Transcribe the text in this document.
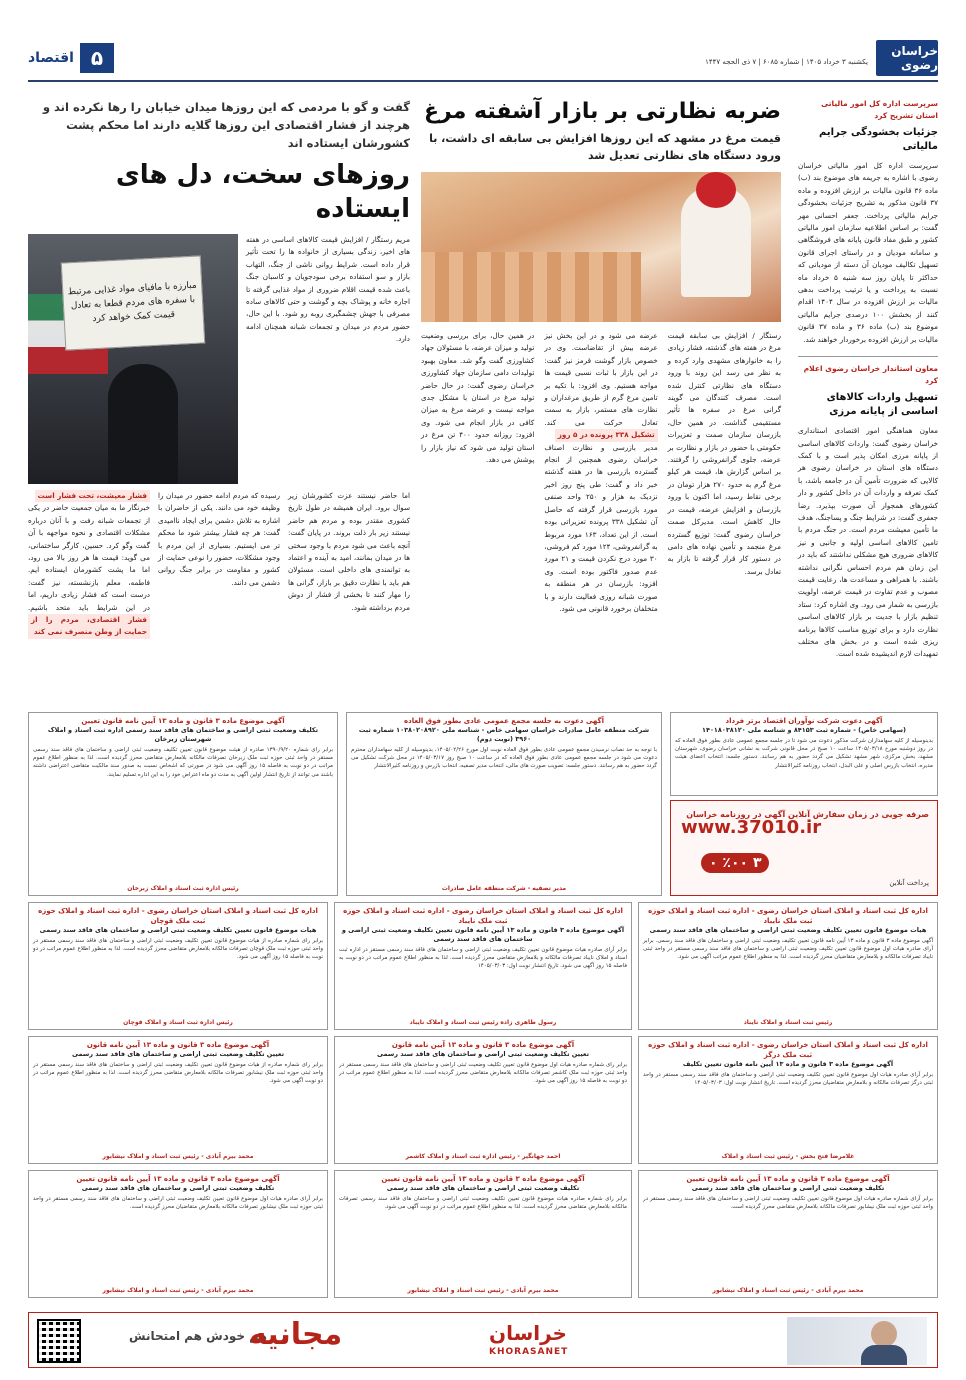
خراسان رضوی
یکشنبه ۳ خرداد ۱۴۰۵ | شماره ۶۰۸۵ | ۷ ذی الحجه ۱۴۴۷
۵
اقتصاد
سرپرست اداره کل امور مالیاتی استان تشریح کرد
جزئیات بخشودگی جرایم مالیاتی
سرپرست اداره کل امور مالیاتی خراسان رضوی با اشاره به جریمه های موضوع بند (ب) ماده ۳۶ قانون مالیات بر ارزش افزوده و ماده ۳۷ قانون مذکور به تشریح جزئیات بخشودگی جرایم مالیاتی پرداخت. جعفر احسانی مهر گفت: بر اساس اطلاعیه سازمان امور مالیاتی کشور و طبق مفاد قانون پایانه های فروشگاهی و سامانه مودیان و در راستای اجرای قانون تسهیل تکالیف مودیان آن دسته از مودیانی که حداکثر تا پایان روز سه شنبه ۵ خرداد ماه نسبت به پرداخت و یا ترتیب پرداخت بدهی مالیات بر ارزش افزوده در سال ۱۴۰۴ اقدام کنند از بخشش ۱۰۰ درصدی جرایم مالیاتی موضوع بند (ب) ماده ۳۶ و ماده ۳۷ قانون مالیات بر ارزش افزوده برخوردار خواهند شد.
معاون استاندار خراسان رضوی اعلام کرد
تسهیل واردات کالاهای اساسی از پایانه مرزی
معاون هماهنگی امور اقتصادی استانداری خراسان رضوی گفت: واردات کالاهای اساسی از پایانه مرزی امکان پذیر است و با کمک دستگاه های استان در خراسان رضوی هر کالایی که ضرورت تأمین آن در جامعه باشد، با کمک تعرفه و واردات آن در داخل کشور و دار کشورهای همجوار آن صورت بپذیرد. رضا جعفری گفت: در شرایط جنگ و پساجنگ، هدف ما تأمین معیشت مردم است. در جنگ مردم با تامین کالاهای اساسی اولیه و جانبی و نیز کالاهای ضروری هیچ مشکلی نداشتند که باید در این زمان هم مردم احساس نگرانی نداشته باشند. با همراهی و مساعدت ها، رعایت قیمت مصوب و عدم تفاوت در قیمت عرضه، اولویت بازرسی به شمار می رود. وی اشاره کرد: ستاد تنظیم بازار با جدیت بر بازار کالاهای اساسی نظارت دارد و برای توزیع مناسب کالاها برنامه ریزی شده است و در بخش های مختلف تمهیدات لازم اندیشیده شده است.
ضربه نظارتی بر بازار آشفته مرغ
قیمت مرغ در مشهد که این روزها افزایش بی سابقه ای داشت، با ورود دستگاه های نظارتی تعدیل شد
رستگار / افزایش بی سابقه قیمت مرغ در هفته های گذشته، فشار زیادی را به خانوارهای مشهدی وارد کرده و به نظر می رسد این روند با ورود دستگاه های نظارتی کنترل شده است. مصرف کنندگان می گویند گرانی مرغ در سفره ها تأثیر مستقیمی گذاشت. در همین حال، بازرسان سازمان صمت و تعزیرات حکومتی با حضور در بازار و نظارت بر عرضه، جلوی گرانفروشی را گرفتند. بر اساس گزارش ها، قیمت هر کیلو مرغ گرم به حدود ۲۷۰ هزار تومان در برخی نقاط رسید، اما اکنون با ورود بازرسان و افزایش عرضه، قیمت در حال کاهش است. مدیرکل صمت خراسان رضوی گفت: توزیع گسترده مرغ منجمد و تأمین نهاده های دامی در دستور کار قرار گرفته تا بازار به تعادل برسد.
عرضه می شود و در این بخش نیز عرضه بیش از تقاضاست. وی در خصوص بازار گوشت قرمز نیز گفت: در این بازار با ثبات نسبی قیمت ها مواجه هستیم. وی افزود: با تکیه بر تامین مرغ گرم از طریق مرغداران و نظارت های مستمر، بازار به سمت تعادل حرکت می کند. تشکیل ۳۳۸ پرونده در ۵ روز مدیر بازرسی و نظارت اصناف خراسان رضوی همچنین از انجام گسترده بازرسی ها در هفته گذشته خبر داد و گفت: طی پنج روز اخیر نزدیک به هزار و ۲۵۰ واحد صنفی مورد بازرسی قرار گرفته که حاصل آن تشکیل ۳۳۸ پرونده تعزیراتی بوده است. از این تعداد، ۱۶۳ مورد مربوط به گرانفروشی، ۱۲۴ مورد کم فروشی، ۳۰ مورد درج نکردن قیمت و ۲۱ مورد عدم صدور فاکتور بوده است. وی افزود: بازرسان در هر منطقه به صورت شبانه روزی فعالیت دارند و با متخلفان برخورد قانونی می شود.
در همین حال، برای بررسی وضعیت تولید و میزان عرضه، با مسئولان جهاد کشاورزی گفت وگو شد. معاون بهبود تولیدات دامی سازمان جهاد کشاورزی خراسان رضوی گفت: در حال حاضر تولید مرغ در استان با مشکل جدی مواجه نیست و عرضه مرغ به میزان کافی در بازار انجام می شود. وی افزود: روزانه حدود ۴۰۰ تن مرغ در استان تولید می شود که نیاز بازار را پوشش می دهد.
گفت و گو با مردمی که این روزها میدان خیابان را رها نکرده اند و هرچند از فشار اقتصادی این روزها گلایه دارند اما محکم پشت کشورشان ایستاده اند
روزهای سخت، دل های ایستاده
مریم رستگار / افزایش قیمت کالاهای اساسی در هفته های اخیر، زندگی بسیاری از خانواده ها را تحت تأثیر قرار داده است. شرایط روانی ناشی از جنگ، التهاب بازار و سو استفاده برخی سودجویان و کاسبان جنگ باعث شده قیمت اقلام ضروری از مواد غذایی گرفته تا اجاره خانه و پوشاک بچه و گوشت و حتی کالاهای ساده مصرفی با جهش چشمگیری روبه رو شود. با این حال، حضور مردم در میدان و تجمعات شبانه همچنان ادامه دارد.
مبارزه با مافیای مواد غذایی مرتبط با سفره های مردم قطعا به تعادل قیمت کمک خواهد کرد
اما حاضر نیستند عزت کشورشان زیر سوال برود. ایران همیشه در طول تاریخ کشوری مقتدر بوده و مردم هم حاضر نیستند زیر بار ذلت بروند. در پایان گفت: آنچه باعث می شود مردم با وجود سختی ها در میدان بمانند، امید به آینده و اعتماد به توانمندی های داخلی است. مسئولان هم باید با نظارت دقیق بر بازار، گرانی ها را مهار کنند تا بخشی از فشار از دوش مردم برداشته شود.
رسیده که مردم ادامه حضور در میدان را وظیفه خود می دانند. یکی از حاضران با اشاره به تلاش دشمن برای ایجاد ناامیدی گفت: هر چه فشار بیشتر شود ما محکم تر می ایستیم. بسیاری از این مردم با وجود مشکلات، حضور را نوعی حمایت از کشور و مقاومت در برابر جنگ روانی دشمن می دانند.
فشار معیشت، تحت فشار است خبرنگار ما به میان جمعیت حاضر در یکی از تجمعات شبانه رفت و با آنان درباره مشکلات اقتصادی و نحوه مواجهه با آن گفت وگو کرد. حسین، کارگر ساختمانی، می گوید: قیمت ها هر روز بالا می رود، اما ما پشت کشورمان ایستاده ایم. فاطمه، معلم بازنشسته، نیز گفت: درست است که فشار زیادی داریم، اما در این شرایط باید متحد باشیم. فشار اقتصادی، مردم را از حمایت از وطن منصرف نمی کند
آگهی دعوت شرکت نوآوران اقتصاد برتر فرداد
(سهامی خاص) - شماره ثبت ۸۴۱۵۳ و شناسه ملی ۱۴۰۱۸۰۳۸۱۲۰
بدینوسیله از کلیه سهامداران شرکت مذکور دعوت می شود تا در جلسه مجمع عمومی عادی بطور فوق العاده که در روز دوشنبه مورخ ۱۴۰۵/۰۳/۱۸ ساعت ۱۰ صبح در محل قانونی شرکت به نشانی خراسان رضوی، شهرستان مشهد، بخش مرکزی، شهر مشهد تشکیل می گردد حضور به هم رسانند. دستور جلسه: انتخاب اعضای هیئت مدیره، انتخاب بازرس اصلی و علی البدل، انتخاب روزنامه کثیرالانتشار
صرفه جویی در زمان سفارش آنلاین آگهی در روزنامه خراسان
www.37010.ir
۳ ٪۰۰ ۰
پرداخت آنلاین
آگهی دعوت به جلسه مجمع عمومی عادی بطور فوق العاده
شرکت منطقه عامل صادرات خراسان سهامی خاص - شناسه ملی ۱۰۳۸۰۲۰۸۹۲۰ شماره ثبت ۳۹۶۰ (نوبت دوم)
با توجه به حد نصاب نرسیدن مجمع عمومی عادی بطور فوق العاده نوبت اول مورخ ۱۴۰۵/۰۲/۲۶، بدینوسیله از کلیه سهامداران محترم دعوت می شود در جلسه مجمع عمومی عادی بطور فوق العاده که در ساعت ۱۰ صبح روز ۱۴۰۵/۰۳/۱۷ در محل شرکت تشکیل می گردد حضور به هم رسانند. دستور جلسه: تصویب صورت های مالی، انتخاب مدیر تصفیه، انتخاب بازرس و روزنامه کثیرالانتشار
مدیر تصفیه - شرکت منطقه عامل صادرات
آگهی موضوع ماده ۳ قانون و ماده ۱۳ آیین نامه قانون تعیین
تکلیف وضعیت ثبتی اراضی و ساختمان های فاقد سند رسمی اداره ثبت اسناد و املاک شهرستان زبرخان
برابر رای شماره ۱۳۹۰/۹/۲۰ صادره از هیئت موضوع قانون تعیین تکلیف وضعیت ثبتی اراضی و ساختمان های فاقد سند رسمی مستقر در واحد ثبتی حوزه ثبت ملک زبرخان تصرفات مالکانه بلامعارض متقاضی محرز گردیده است. لذا به منظور اطلاع عموم مراتب در دو نوبت به فاصله ۱۵ روز آگهی می شود در صورتی که اشخاص نسبت به صدور سند مالکیت متقاضی اعتراضی داشته باشند می توانند از تاریخ انتشار اولین آگهی به مدت دو ماه اعتراض خود را به این اداره تسلیم نمایند.
رئیس اداره ثبت اسناد و املاک زبرخان
اداره کل ثبت اسناد و املاک استان خراسان رضوی - اداره ثبت اسناد و املاک حوزه ثبت ملک نایباد
هیات موضوع قانون تعیین تکلیف وضعیت ثبتی اراضی و ساختمان های فاقد سند رسمی
آگهی موضوع ماده ۳ قانون و ماده ۱۳ آیین نامه قانون تعیین تکلیف وضعیت ثبتی اراضی و ساختمان های فاقد سند رسمی. برابر آرای صادره هیات اول موضوع قانون تعیین تکلیف وضعیت ثبتی اراضی و ساختمان های فاقد سند رسمی مستقر در واحد ثبتی نایباد تصرفات مالکانه و بلامعارض متقاضیان محرز گردیده است. لذا به منظور اطلاع عموم مراتب آگهی می شود.
رئیس ثبت اسناد و املاک نایباد
اداره کل ثبت اسناد و املاک استان خراسان رضوی - اداره ثبت اسناد و املاک حوزه ثبت ملک نایباد
آگهی موضوع ماده ۳ قانون و ماده ۱۳ آیین نامه قانون تعیین تکلیف وضعیت ثبتی اراضی و ساختمان های فاقد سند رسمی
برابر آرای صادره هیات موضوع قانون تعیین تکلیف وضعیت ثبتی اراضی و ساختمان های فاقد سند رسمی مستقر در اداره ثبت اسناد و املاک نایباد تصرفات مالکانه و بلامعارض متقاضی محرز گردیده است. لذا به منظور اطلاع عموم مراتب در دو نوبت به فاصله ۱۵ روز آگهی می شود. تاریخ انتشار نوبت اول: ۱۴۰۵/۰۳/۰۳
رسول طاهری زاده رئیس ثبت اسناد و املاک نایباد
اداره کل ثبت اسناد و املاک استان خراسان رضوی - اداره ثبت اسناد و املاک حوزه ثبت ملک قوچان
هیات موضوع قانون تعیین تکلیف وضعیت ثبتی اراضی و ساختمان های فاقد سند رسمی
برابر رای شماره صادره از هیات موضوع قانون تعیین تکلیف وضعیت ثبتی اراضی و ساختمان های فاقد سند رسمی مستقر در واحد ثبتی حوزه ثبت ملک قوچان تصرفات مالکانه بلامعارض متقاضی محرز گردیده است. لذا به منظور اطلاع عموم مراتب در دو نوبت به فاصله ۱۵ روز آگهی می شود.
رئیس اداره ثبت اسناد و املاک قوچان
اداره کل ثبت اسناد و املاک استان خراسان رضوی - اداره ثبت اسناد و املاک حوزه ثبت ملک درگز
آگهی موضوع ماده ۳ قانون و ماده ۱۳ آیین نامه قانون تعیین تکلیف
برابر آرای صادره هیات اول موضوع قانون تعیین تکلیف وضعیت ثبتی اراضی و ساختمان های فاقد سند رسمی مستقر در واحد ثبتی درگز تصرفات مالکانه و بلامعارض متقاضیان محرز گردیده است. تاریخ انتشار نوبت اول: ۱۴۰۵/۰۳/۰۳
غلامرضا فتح بخش - رئیس ثبت اسناد و املاک
آگهی موضوع ماده ۳ قانون و ماده ۱۳ آیین نامه قانون
تعیین تکلیف وضعیت ثبتی اراضی و ساختمان های فاقد سند رسمی
برابر رای شماره صادره هیات اول موضوع قانون تعیین تکلیف وضعیت ثبتی اراضی و ساختمان های فاقد سند رسمی مستقر در واحد ثبتی حوزه ثبت ملک کاشمر تصرفات مالکانه بلامعارض متقاضی محرز گردیده است. لذا به منظور اطلاع عموم مراتب در دو نوبت به فاصله ۱۵ روز آگهی می شود.
احمد جهانگیر - رئیس اداره ثبت اسناد و املاک کاشمر
آگهی موضوع ماده ۳ قانون و ماده ۱۳ آیین نامه قانون
تعیین تکلیف وضعیت ثبتی اراضی و ساختمان های فاقد سند رسمی
برابر رای شماره صادره از هیات موضوع قانون تعیین تکلیف وضعیت ثبتی اراضی و ساختمان های فاقد سند رسمی مستقر در واحد ثبتی حوزه ثبت ملک نیشابور تصرفات مالکانه بلامعارض متقاضی محرز گردیده است. لذا به منظور اطلاع عموم مراتب در دو نوبت آگهی می شود.
محمد بیرم آبادی - رئیس ثبت اسناد و املاک نیشابور
آگهی موضوع ماده ۳ قانون و ماده ۱۳ آیین نامه قانون تعیین
تکلیف وضعیت ثبتی اراضی و ساختمان های فاقد سند رسمی
برابر آرای شماره صادره هیات اول موضوع قانون تعیین تکلیف وضعیت ثبتی اراضی و ساختمان های فاقد سند رسمی مستقر در واحد ثبتی حوزه ثبت ملک نیشابور تصرفات مالکانه بلامعارض متقاضی محرز گردیده است.
محمد بیرم آبادی - رئیس ثبت اسناد و املاک نیشابور
آگهی موضوع ماده ۳ قانون و ماده ۱۳ آیین نامه قانون تعیین
تکلیف وضعیت ثبتی اراضی و ساختمان های فاقد سند رسمی
برابر رای شماره صادره هیات موضوع قانون تعیین تکلیف وضعیت ثبتی اراضی و ساختمان های فاقد سند رسمی تصرفات مالکانه بلامعارض متقاضی محرز گردیده است. لذا به منظور اطلاع عموم مراتب در دو نوبت آگهی می شود.
محمد بیرم آبادی - رئیس ثبت اسناد و املاک نیشابور
آگهی موضوع ماده ۳ قانون و ماده ۱۳ آیین نامه قانون تعیین
تکلیف وضعیت ثبتی اراضی و ساختمان های فاقد سند رسمی
برابر آرای صادره هیات اول موضوع قانون تعیین تکلیف وضعیت ثبتی اراضی و ساختمان های فاقد سند رسمی مستقر در واحد ثبتی حوزه ثبت ملک نیشابور تصرفات مالکانه بلامعارض متقاضیان محرز گردیده است.
محمد بیرم آبادی - رئیس ثبت اسناد و املاک نیشابور
هم خودش هم امتحانش
مجانیه	خراسان
KHORASANET
